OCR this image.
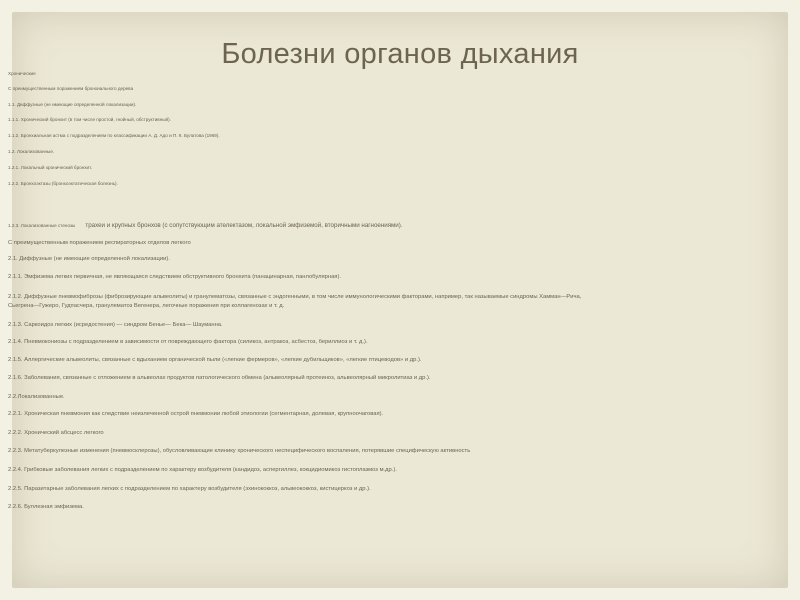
Болезни органов дыхания
Хронические
С преимущественным поражением бронхиального дерева
1.1. Диффузные (не имеющие определенной локализации).
1.1.1. Хронический бронхит (в том числе простой, гнойный, обструктивный).
1.1.2. Бронхиальная астма с подразделением по классификации А. Д. Адо и П. К. Булатова (1969).
1.2. Локализованные.
1.2.1. Локальный хронический бронхит.
1.2.2. Бронхоэктазы (бронхоэктатическая болезнь).
1.2.3. Локализованные стенозы трахеи и крупных бронхов (с сопутствующим ателектазом, локальной эмфиземой, вторичными нагноениями).
С преимущественным поражением респираторных отделов легкого
2.1. Диффузные (не имеющие определенной локализации).
2.1.1. Эмфизема легких первичная, не являющаяся следствием обструктивного бронхита (панацинарная, панлобулярная).
2.1.2. Диффузные пневмофиброзы (фиброзирующие альвеолиты) и гранулематозы, связанные с эндогенными, в том числе иммунологическими факторами, например, так называемые синдромы Хамман—Рича,
Сьегрена—Гужеро, Гудпасчера, гранулематоз Вегенера, легочные поражения при коллагенозах и т. д.
2.1.3. Саркоидоз легких (исредостения) — синдром Бенье— Бека— Шауманна.
2.1.4. Пневмокониозы с подразделением в зависимости от повреждающего фактора (силикоз, антракоз, асбестоз, бериллиоз и т. д.).
2.1.5. Аллергические альвеолиты, связанные с вдыханием органической пыли («легкие фермеров», «легкие дубильщиков», «легкие птицеводов» и др.).
2.1.6. Заболевания, связанные с отложением в альвеолах продуктов патологического обмена (альвеолярный протеиноз, альвеолярный микролитиаз и др.).
2.2.Локализованные.
2.2.1. Хроническая пневмония как следствие неизлеченной острой пневмонии любой этиологии (сегментарная, долевая, крупноочаговая).
2.2.2. Хронический абсцесс легкого
2.2.3. Метатуберкулезные изменения (пневмосклерозы), обусловливающие клинику хронического неспецифического воспаления, потерявшие специфическую активность
2.2.4. Грибковые заболевания легких с подразделением по характеру возбудителя (кандидоз, аспергиллез, кокцидиомикоз гистоплазмоз м.др.).
2.2.5. Паразитарные заболевания легких с подразделением по характеру возбудителя (эхинококкоз, альвеококкоз, кистицеркоз и др.).
2.2.6. Буллезная эмфизема.
